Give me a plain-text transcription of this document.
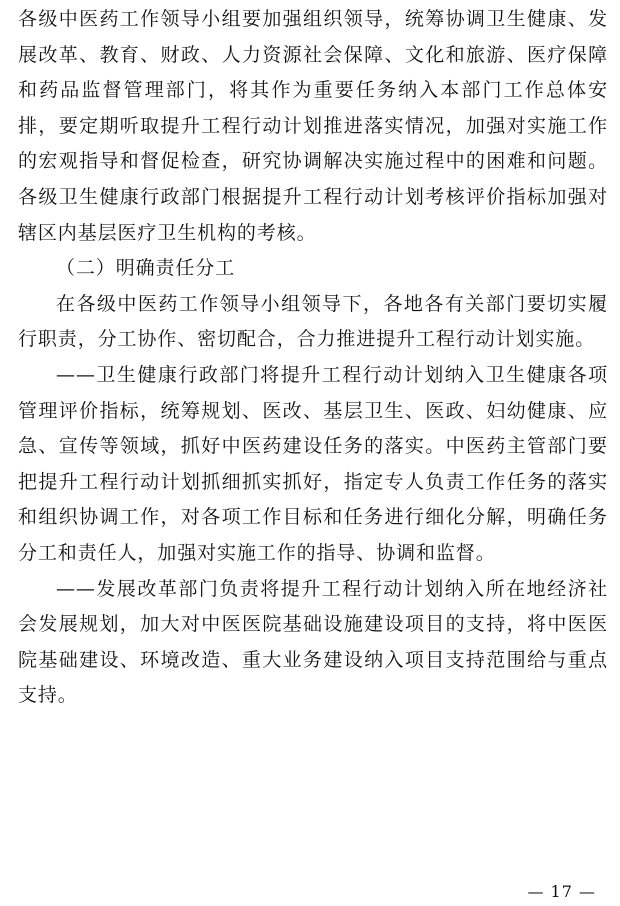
各级中医药工作领导小组要加强组织领导，统筹协调卫生健康、发展改革、教育、财政、人力资源社会保障、文化和旅游、医疗保障和药品监督管理部门，将其作为重要任务纳入本部门工作总体安排，要定期听取提升工程行动计划推进落实情况，加强对实施工作的宏观指导和督促检查，研究协调解决实施过程中的困难和问题。各级卫生健康行政部门根据提升工程行动计划考核评价指标加强对辖区内基层医疗卫生机构的考核。

（二）明确责任分工

在各级中医药工作领导小组领导下，各地各有关部门要切实履行职责，分工协作、密切配合，合力推进提升工程行动计划实施。

——卫生健康行政部门将提升工程行动计划纳入卫生健康各项管理评价指标，统筹规划、医改、基层卫生、医政、妇幼健康、应急、宣传等领域，抓好中医药建设任务的落实。中医药主管部门要把提升工程行动计划抓细抓实抓好，指定专人负责工作任务的落实和组织协调工作，对各项工作目标和任务进行细化分解，明确任务分工和责任人，加强对实施工作的指导、协调和监督。

——发展改革部门负责将提升工程行动计划纳入所在地经济社会发展规划，加大对中医医院基础设施建设项目的支持，将中医医院基础建设、环境改造、重大业务建设纳入项目支持范围给与重点支持。

— 17 —
